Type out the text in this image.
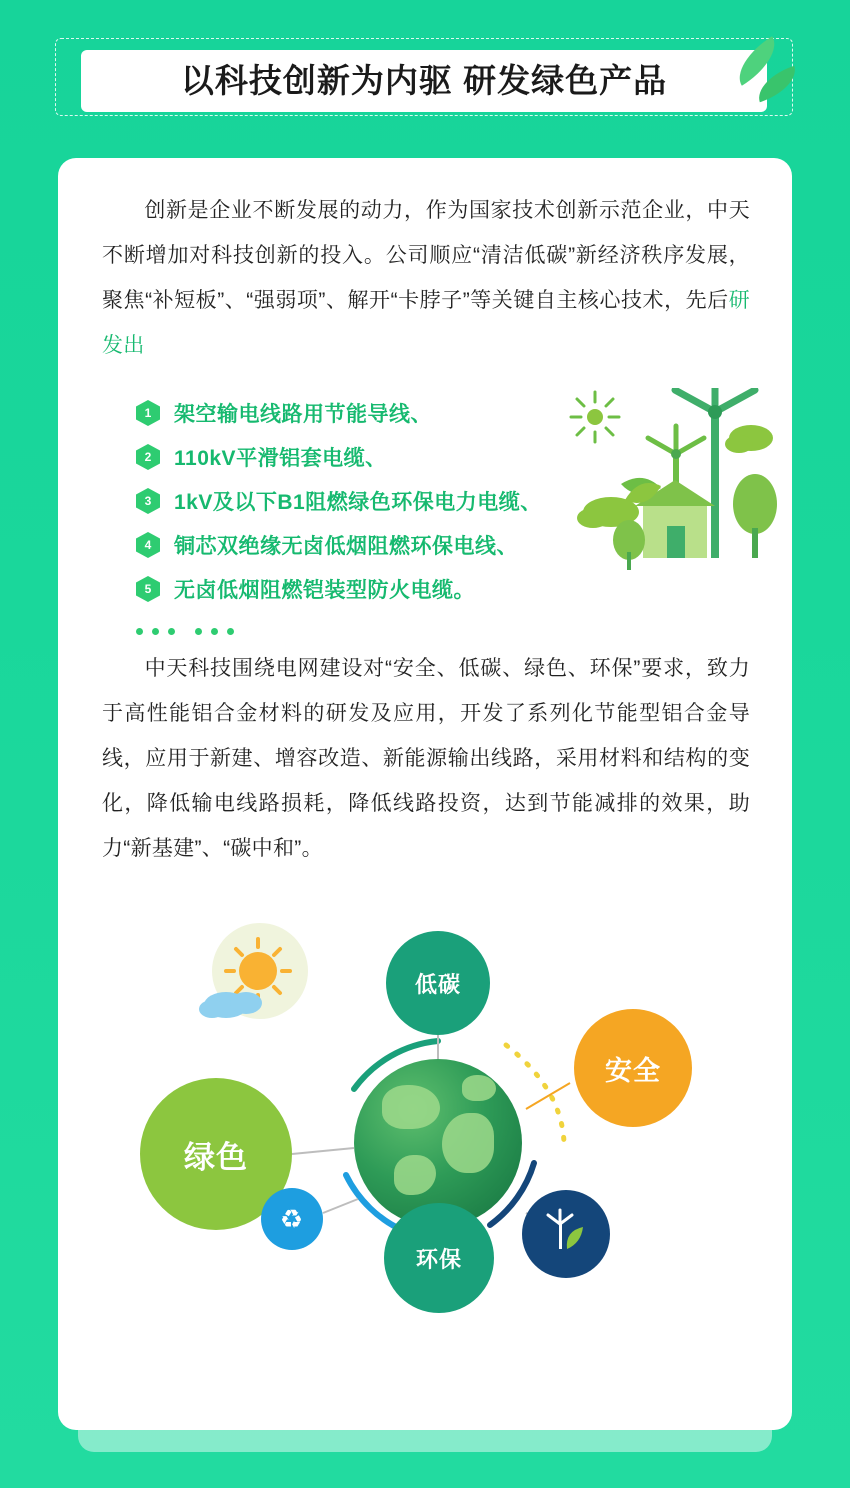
以科技创新为内驱 研发绿色产品
创新是企业不断发展的动力，作为国家技术创新示范企业，中天不断增加对科技创新的投入。公司顺应“清洁低碳”新经济秩序发展，聚焦“补短板”、“强弱项”、解开“卡脖子”等关键自主核心技术，先后研发出
1	架空输电线路用节能导线、
2	110kV平滑铝套电缆、
3	1kV及以下B1阻燃绿色环保电力电缆、
4	铜芯双绝缘无卤低烟阻燃环保电线、
5	无卤低烟阻燃铠装型防火电缆。
中天科技围绕电网建设对“安全、低碳、绿色、环保”要求，致力于高性能铝合金材料的研发及应用，开发了系列化节能型铝合金导线，应用于新建、增容改造、新能源输出线路，采用材料和结构的变化，降低输电线路损耗，降低线路投资，达到节能减排的效果，助力“新基建”、“碳中和”。
绿色
低碳
安全
环保
♻
